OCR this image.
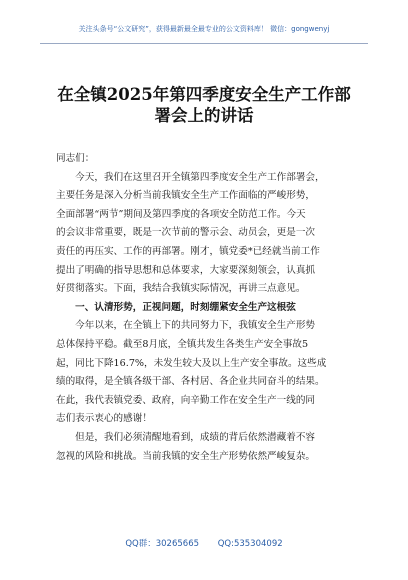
关注头条号“公文研究”，获得最新最全最专业的公文资料库！ 微信：gongwenyj
在全镇2025年第四季度安全生产工作部
署会上的讲话
同志们：
　　今天，我们在这里召开全镇第四季度安全生产工作部署会，
主要任务是深入分析当前我镇安全生产工作面临的严峻形势，
全面部署“两节”期间及第四季度的各项安全防范工作。今天
的会议非常重要，既是一次节前的警示会、动员会，更是一次
责任的再压实、工作的再部署。刚才，镇党委*已经就当前工作
提出了明确的指导思想和总体要求，大家要深刻领会，认真抓
好贯彻落实。下面，我结合我镇实际情况，再讲三点意见。
　　一、认清形势，正视问题，时刻绷紧安全生产这根弦
　　今年以来，在全镇上下的共同努力下，我镇安全生产形势
总体保持平稳。截至8月底，全镇共发生各类生产安全事故5
起，同比下降16.7%，未发生较大及以上生产安全事故。这些成
绩的取得，是全镇各级干部、各村居、各企业共同奋斗的结果。
在此，我代表镇党委、政府，向辛勤工作在安全生产一线的同
志们表示衷心的感谢！
　　但是，我们必须清醒地看到，成绩的背后依然潜藏着不容
忽视的风险和挑战。当前我镇的安全生产形势依然严峻复杂。
QQ群：30265665 QQ:535304092
